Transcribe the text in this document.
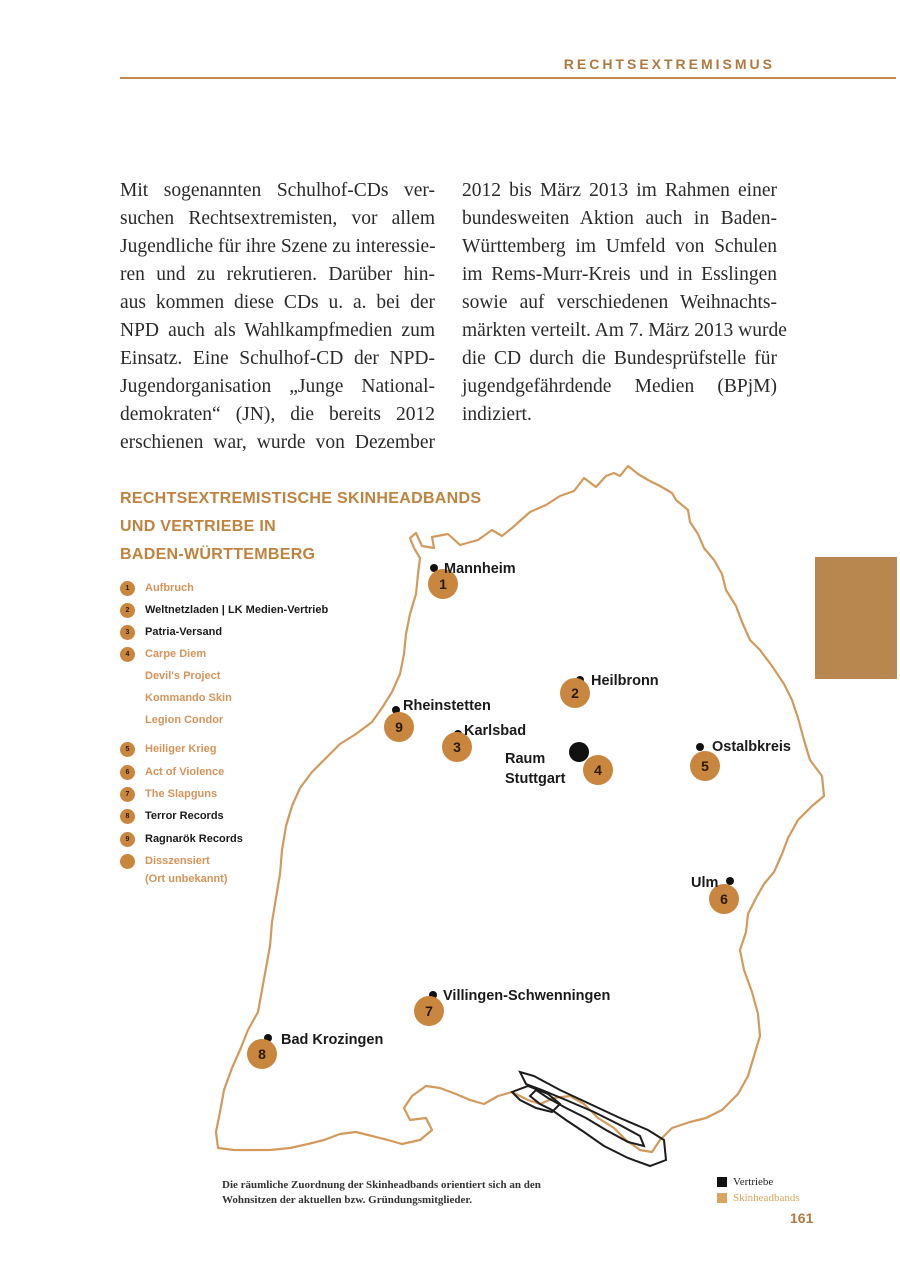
RECHTSEXTREMISMUS

Mit sogenannten Schulhof-CDs ver-

suchen Rechtsextremisten, vor allem

Jugendliche für ihre Szene zu interessie-

ren und zu rekrutieren. Darüber hin-

aus kommen diese CDs u. a. bei der

NPD auch als Wahlkampfmedien zum

Einsatz. Eine Schulhof-CD der NPD-

Jugendorganisation „Junge National-

demokraten“ (JN), die bereits 2012

erschienen war, wurde von Dezember

2012 bis März 2013 im Rahmen einer

bundesweiten Aktion auch in Baden-

Württemberg im Umfeld von Schulen

im Rems-Murr-Kreis und in Esslingen

sowie auf verschiedenen Weihnachts-

märkten verteilt. Am 7. März 2013 wurde

die CD durch die Bundesprüfstelle für

jugendgefährdende Medien (BPjM)

indiziert.

1
2
3
4	5
6
7
8
9
Mannheim
Heilbronn
Karlsbad
Raum
Stuttgart
Ostalbkreis
Ulm
Villingen-Schwenningen
Bad Krozingen
Rheinstetten
RECHTSEXTREMISTISCHE SKINHEADBANDS
UND VERTRIEBE IN
BADEN-WÜRTTEMBERG
1	Aufbruch
2	Weltnetzladen | LK Medien-Vertrieb
3	Patria-Versand
4	Carpe Diem
Devil's Project
Kommando Skin
Legion Condor
5	Heiliger Krieg
6	Act of Violence
7	The Slapguns
8	Terror Records
9	Ragnarök Records
Disszensiert
(Ort unbekannt)
Die räumliche Zuordnung der Skinheadbands orientiert sich an den
Wohnsitzen der aktuellen bzw. Gründungsmitglieder.
Vertriebe
Skinheadbands
161
